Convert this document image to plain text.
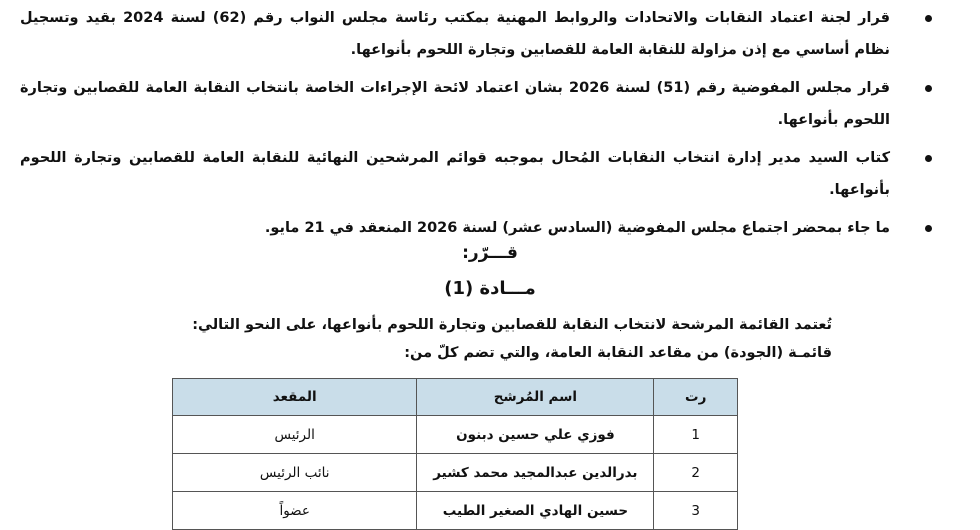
قرار لجنة اعتماد النقابات والاتحادات والروابط المهنية بمكتب رئاسة مجلس النواب رقم (62) لسنة 2024 بقيد وتسجيل نظام أساسي مع إذن مزاولة للنقابة العامة للقصابين وتجارة اللحوم بأنواعها.
قرار مجلس المفوضية رقم (51) لسنة 2026 بشان اعتماد لائحة الإجراءات الخاصة بانتخاب النقابة العامة للقصابين وتجارة اللحوم بأنواعها.
كتاب السيد مدير إدارة انتخاب النقابات المُحال بموجبه قوائم المرشحين النهائية للنقابة العامة للقصابين وتجارة اللحوم بأنواعها.
ما جاء بمحضر اجتماع مجلس المفوضية (السادس عشر) لسنة 2026 المنعقد في 21 مايو.
قـــرّر:
مـــادة (1)
تُعتمد القائمة المرشحة لانتخاب النقابة للقصابين وتجارة اللحوم بأنواعها، على النحو التالي:
قائمـة (الجودة) من مقاعد النقابة العامة، والتي تضم كلّ من:
رت	اسم المُرشح	المقعد
1	فوزي علي حسين دبنون	الرئيس
2	بدرالدين عبدالمجيد محمد كشير	نائب الرئيس
3	حسين الهادي الصغير الطيب	عضواً
